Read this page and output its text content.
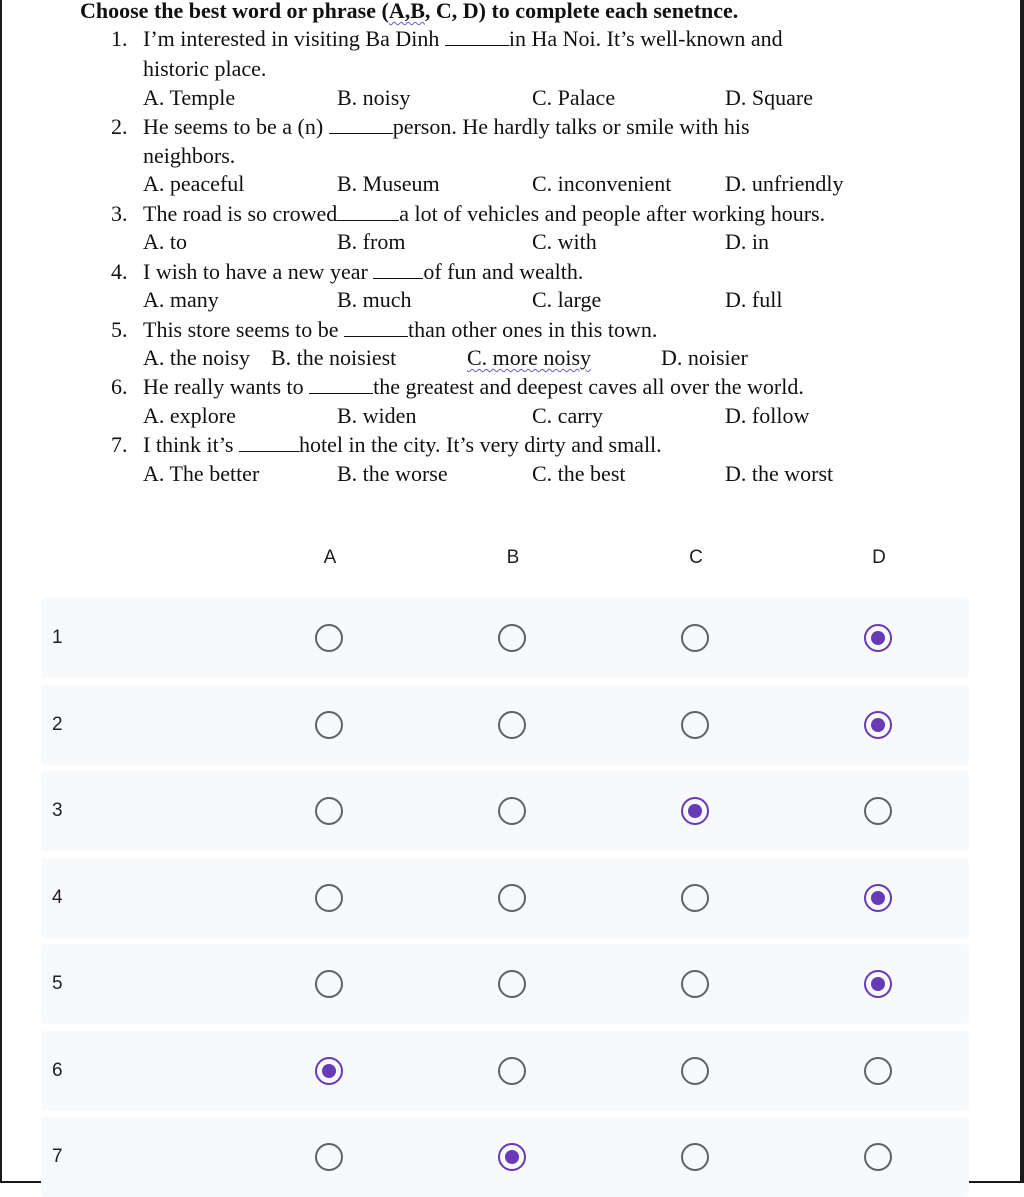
Choose the best word or phrase (A,B, C, D) to complete each senetnce.
1. I’m interested in visiting Ba Dinh	in Ha Noi. It’s well-known and
historic place.
A. Temple	B. noisy	C. Palace	D. Square
2. He seems to be a (n)	person. He hardly talks or smile with his
neighbors.
A. peaceful	B. Museum	C. inconvenient D. unfriendly
3. The road is so crowed	a lot of vehicles and people after working hours.
A. to	B. from	C. with	D. in
4. I wish to have a new year of fun and wealth.
A. many	B. much	C. large	D. full
5. This store seems to be	than other ones in this town.
A. the noisy B. the noisiest	C. more noisy	D. noisier
6. He really wants to	the greatest and deepest caves all over the world.
A. explore	B. widen	C. carry	D. follow
7. I think it’s	hotel in the city. It’s very dirty and small.
A. The better	B. the worse	C. the best	D. the worst
A	B	C	D
1
2
3
4
5
6
7
